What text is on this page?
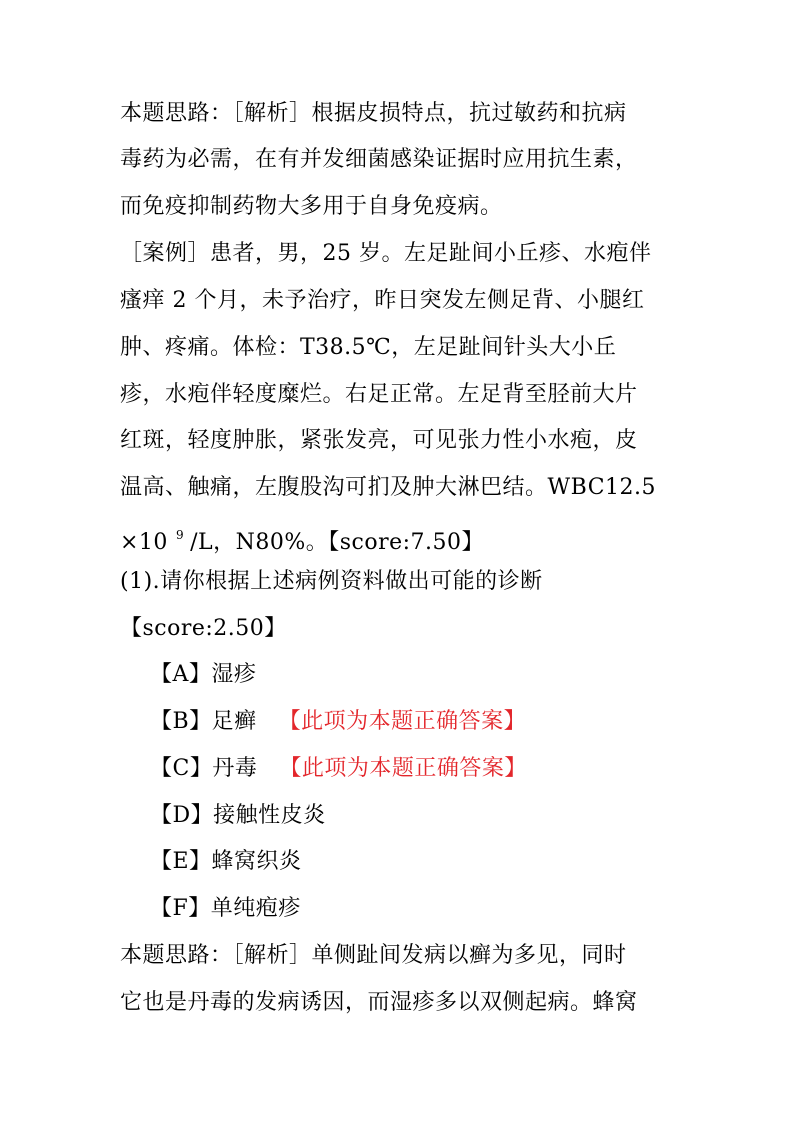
本题思路：［解析］根据皮损特点，抗过敏药和抗病
毒药为必需，在有并发细菌感染证据时应用抗生素，
而免疫抑制药物大多用于自身免疫病。
［案例］患者，男，25 岁。左足趾间小丘疹、水疱伴
瘙痒 2 个月，未予治疗，昨日突发左侧足背、小腿红
肿、疼痛。体检：T38.5℃，左足趾间针头大小丘
疹，水疱伴轻度糜烂。右足正常。左足背至胫前大片
红斑，轻度肿胀，紧张发亮，可见张力性小水疱，皮
温高、触痛，左腹股沟可扪及肿大淋巴结。WBC12.5
×10 $^9$ /L，N80%。【score:7.50】
(1).请你根据上述病例资料做出可能的诊断
【score:2.50】
【A】湿疹
【B】足癣 【此项为本题正确答案】
【C】丹毒 【此项为本题正确答案】
【D】接触性皮炎
【E】蜂窝织炎
【F】单纯疱疹
本题思路：［解析］单侧趾间发病以癣为多见，同时
它也是丹毒的发病诱因，而湿疹多以双侧起病。蜂窝
